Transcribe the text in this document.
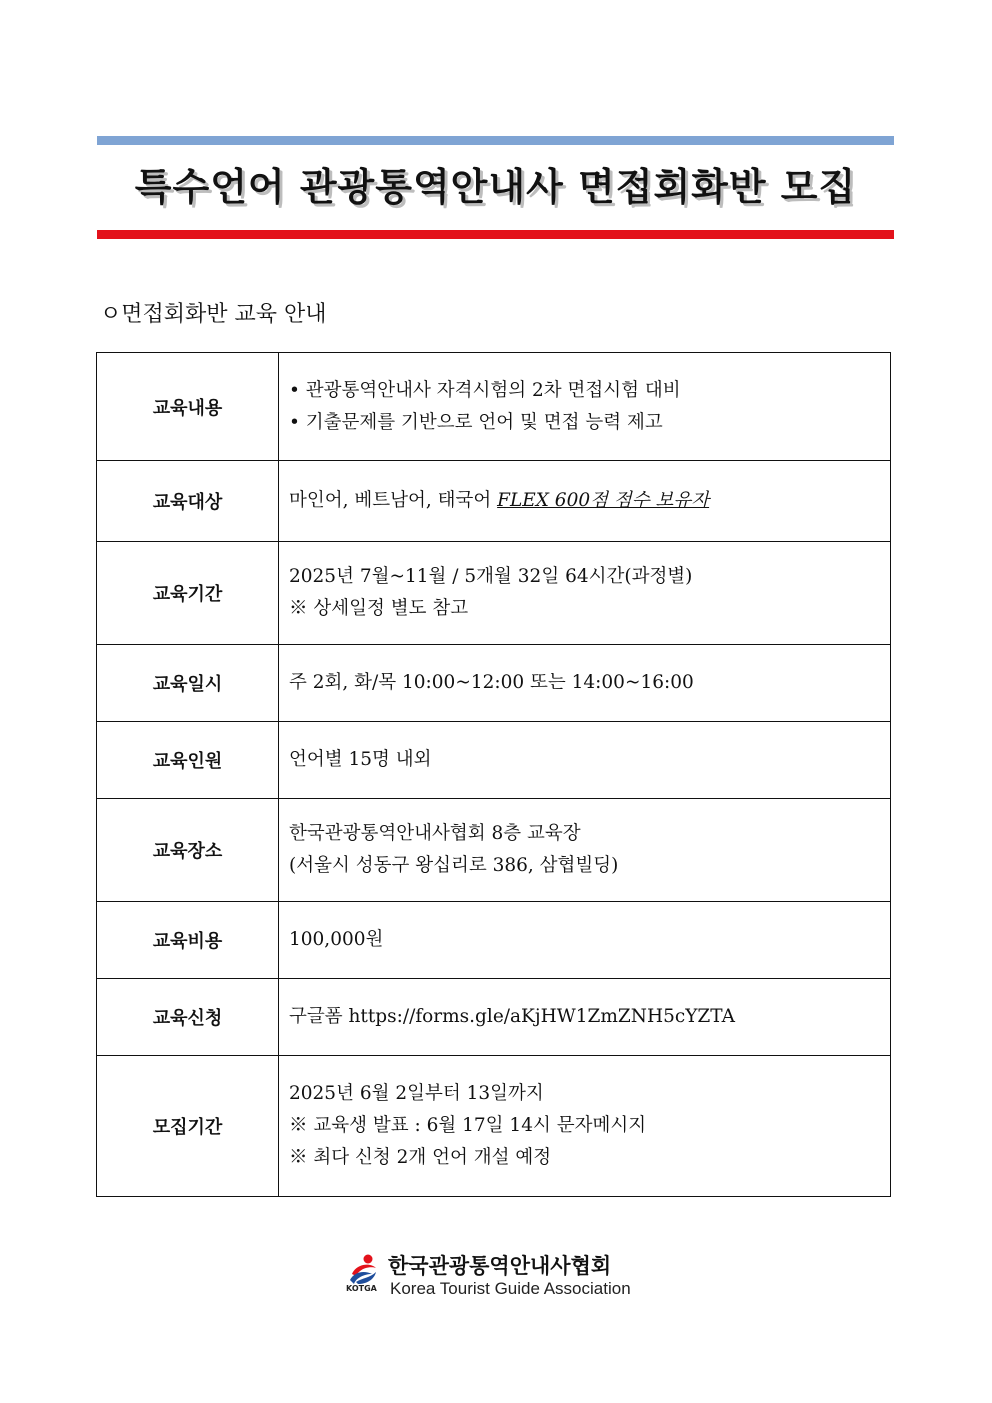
특수언어 관광통역안내사 면접회화반 모집
ㅇ면접회화반 교육 안내
교육내용	• 관광통역안내사 자격시험의 2차 면접시험 대비
• 기출문제를 기반으로 언어 및 면접 능력 제고

교육대상	마인어, 베트남어, 태국어 FLEX 600점 점수 보유자

교육기간	2025년 7월~11월 / 5개월 32일 64시간(과정별)
※ 상세일정 별도 참고

교육일시	주 2회, 화/목 10:00~12:00 또는 14:00~16:00

교육인원	언어별 15명 내외

교육장소	한국관광통역안내사협회 8층 교육장
(서울시 성동구 왕십리로 386, 삼협빌딩)

교육비용	100,000원

교육신청	구글폼 https://forms.gle/aKjHW1ZmZNH5cYZTA

모집기간	2025년 6월 2일부터 13일까지
※ 교육생 발표 : 6월 17일 14시 문자메시지
※ 최다 신청 2개 언어 개설 예정
KOTGA
한국관광통역안내사협회
Korea Tourist Guide Association
